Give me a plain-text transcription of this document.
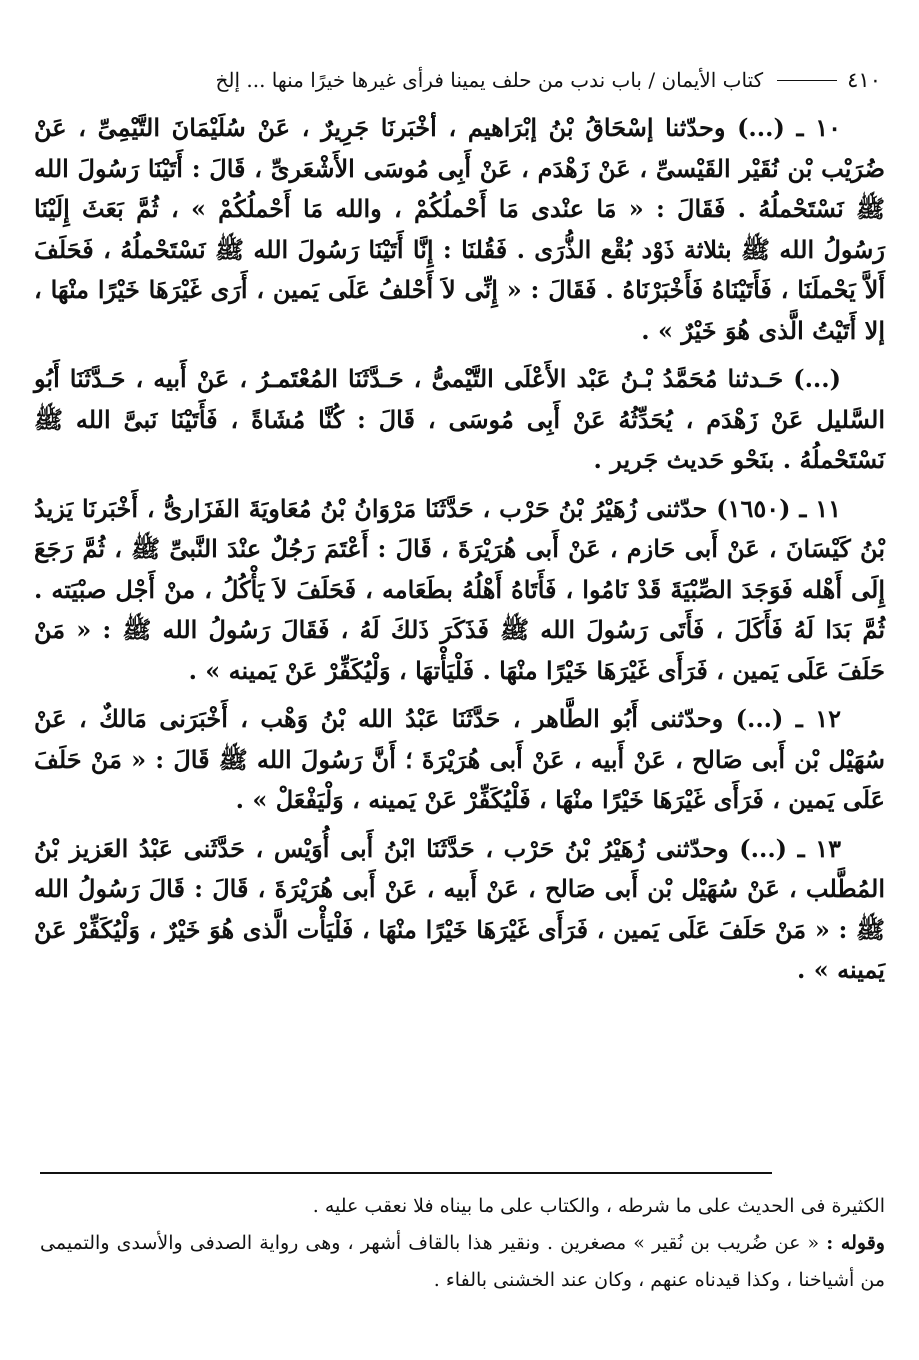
٤١٠
كتاب الأيمان / باب ندب من حلف يمينا فرأى غيرها خيرًا منها ... إلخ

١٠ ـ (...) وحدّثنا إسْحَاقُ بْنُ إبْرَاهيم ، أخْبَرنَا جَرِيرٌ ، عَنْ سُلَيْمَانَ التَّيْمِىِّ ، عَنْ ضُرَيْب بْن نُقَيْر القَيْسىِّ ، عَنْ زَهْدَم ، عَنْ أَبِى مُوسَى الأَشْعَرىِّ ، قَالَ : أَتَيْنَا رَسُولَ الله ﷺ نَسْتَحْملُهُ . فَقَالَ : « مَا عنْدى مَا أَحْملُكُمْ ، والله مَا أَحْملُكُمْ » ، ثُمَّ بَعَثَ إِلَيْنَا رَسُولُ الله ﷺ بثلاثة ذَوْد بُقْع الذُّرَى . فَقُلنَا : إِنَّا أَتَيْنَا رَسُولَ الله ﷺ نَسْتَحْملُهُ ، فَحَلَفَ أَلاَّ يَحْملَنَا ، فَأَتَيْنَاهُ فَأَخْبَرْنَاهُ . فَقَالَ : « إِنِّى لاَ أَحْلفُ عَلَى يَمين ، أَرَى غَيْرَهَا خَيْرًا منْهَا ، إلا أَتَيْتُ الَّذى هُوَ خَيْرٌ » .

(...) حَـدثنا مُحَمَّدُ بْـنُ عَبْد الأَعْلَى التَّيْمىُّ ، حَـدَّثَنَا المُعْتَمـرُ ، عَنْ أَبيه ، حَـدَّثَنَا أَبُو السَّليل عَنْ زَهْدَم ، يُحَدِّثُهُ عَنْ أَبِى مُوسَى ، قَالَ : كُنَّا مُشَاةً ، فَأَتَيْنَا نَبىَّ الله ﷺ نَسْتَحْملُهُ . بنَحْو حَديث جَرير .

١١ ـ (١٦٥٠) حدّثنى زُهَيْرُ بْنُ حَرْب ، حَدَّثَنَا مَرْوَانُ بْنُ مُعَاويَةَ الفَزَارىُّ ، أَخْبَرنَا يَزيدُ بْنُ كَيْسَانَ ، عَنْ أَبى حَازم ، عَنْ أَبى هُرَيْرَةَ ، قَالَ : أَعْتَمَ رَجُلٌ عنْدَ النَّبىِّ ﷺ ، ثُمَّ رَجَعَ إِلَى أَهْله فَوَجَدَ الصِّبْيَةَ قَدْ نَامُوا ، فَأَتَاهُ أَهْلُهُ بطَعَامه ، فَحَلَفَ لاَ يَأْكُلُ ، منْ أَجْل صبْيَته . ثُمَّ بَدَا لَهُ فَأَكَلَ ، فَأَتَى رَسُولَ الله ﷺ فَذَكَرَ ذَلكَ لَهُ ، فَقَالَ رَسُولُ الله ﷺ : « مَنْ حَلَفَ عَلَى يَمين ، فَرَأَى غَيْرَهَا خَيْرًا منْهَا . فَلْيَأْتهَا ، وَلْيُكَفِّرْ عَنْ يَمينه » .

١٢ ـ (...) وحدّثنى أَبُو الطَّاهر ، حَدَّثَنَا عَبْدُ الله بْنُ وَهْب ، أَخْبَرَنى مَالكٌ ، عَنْ سُهَيْل بْن أَبى صَالح ، عَنْ أَبيه ، عَنْ أَبى هُرَيْرَةَ ؛ أَنَّ رَسُولَ الله ﷺ قَالَ : « مَنْ حَلَفَ عَلَى يَمين ، فَرَأَى غَيْرَهَا خَيْرًا منْهَا ، فَلْيُكَفِّرْ عَنْ يَمينه ، وَلْيَفْعَلْ » .

١٣ ـ (...) وحدّثنى زُهَيْرُ بْنُ حَرْب ، حَدَّثَنَا ابْنُ أَبى أُوَيْس ، حَدَّثَنى عَبْدُ العَزيز بْنُ المُطَّلب ، عَنْ سُهَيْل بْن أَبى صَالح ، عَنْ أَبيه ، عَنْ أَبى هُرَيْرَةَ ، قَالَ : قَالَ رَسُولُ الله ﷺ : « مَنْ حَلَفَ عَلَى يَمين ، فَرَأَى غَيْرَهَا خَيْرًا منْهَا ، فَلْيَأْت الَّذى هُوَ خَيْرٌ ، وَلْيُكَفِّرْ عَنْ يَمينه » .

الكثيرة فى الحديث على ما شرطه ، والكتاب على ما بيناه فلا نعقب عليه .

وقوله : « عن ضُريب بن نُقير » مصغرين . ونقير هذا بالقاف أشهر ، وهى رواية الصدفى والأسدى والتميمى من أشياخنا ، وكذا قيدناه عنهم ، وكان عند الخشنى بالفاء .
